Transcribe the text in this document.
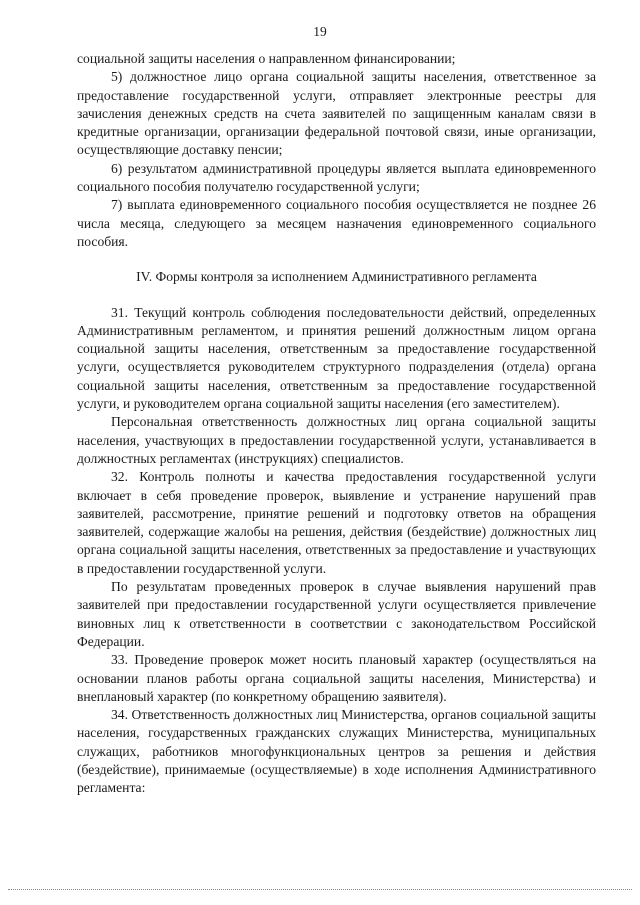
19

социальной защиты населения о направленном финансировании;

5) должностное лицо органа социальной защиты населения, ответственное за предоставление государственной услуги, отправляет электронные реестры для зачисления денежных средств на счета заявителей по защищенным каналам связи в кредитные организации, организации федеральной почтовой связи, иные организации, осуществляющие доставку пенсии;

6) результатом административной процедуры является выплата единовременного социального пособия получателю государственной услуги;

7) выплата единовременного социального пособия осуществляется не позднее 26 числа месяца, следующего за месяцем назначения единовременного социального пособия.

IV. Формы контроля за исполнением Административного регламента

31. Текущий контроль соблюдения последовательности действий, определенных Административным регламентом, и принятия решений должностным лицом органа социальной защиты населения, ответственным за предоставление государственной услуги, осуществляется руководителем структурного подразделения (отдела) органа социальной защиты населения, ответственным за предоставление государственной услуги, и руководителем органа социальной защиты населения (его заместителем).

Персональная ответственность должностных лиц органа социальной защиты населения, участвующих в предоставлении государственной услуги, устанавливается в должностных регламентах (инструкциях) специалистов.

32. Контроль полноты и качества предоставления государственной услуги включает в себя проведение проверок, выявление и устранение нарушений прав заявителей, рассмотрение, принятие решений и подготовку ответов на обращения заявителей, содержащие жалобы на решения, действия (бездействие) должностных лиц органа социальной защиты населения, ответственных за предоставление и участвующих в предоставлении государственной услуги.

По результатам проведенных проверок в случае выявления нарушений прав заявителей при предоставлении государственной услуги осуществляется привлечение виновных лиц к ответственности в соответствии с законодательством Российской Федерации.

33. Проведение проверок может носить плановый характер (осуществляться на основании планов работы органа социальной защиты населения, Министерства) и внеплановый характер (по конкретному обращению заявителя).

34. Ответственность должностных лиц Министерства, органов социальной защиты населения, государственных гражданских служащих Министерства, муниципальных служащих, работников многофункциональных центров за решения и действия (бездействие), принимаемые (осуществляемые) в ходе исполнения Административного регламента:
